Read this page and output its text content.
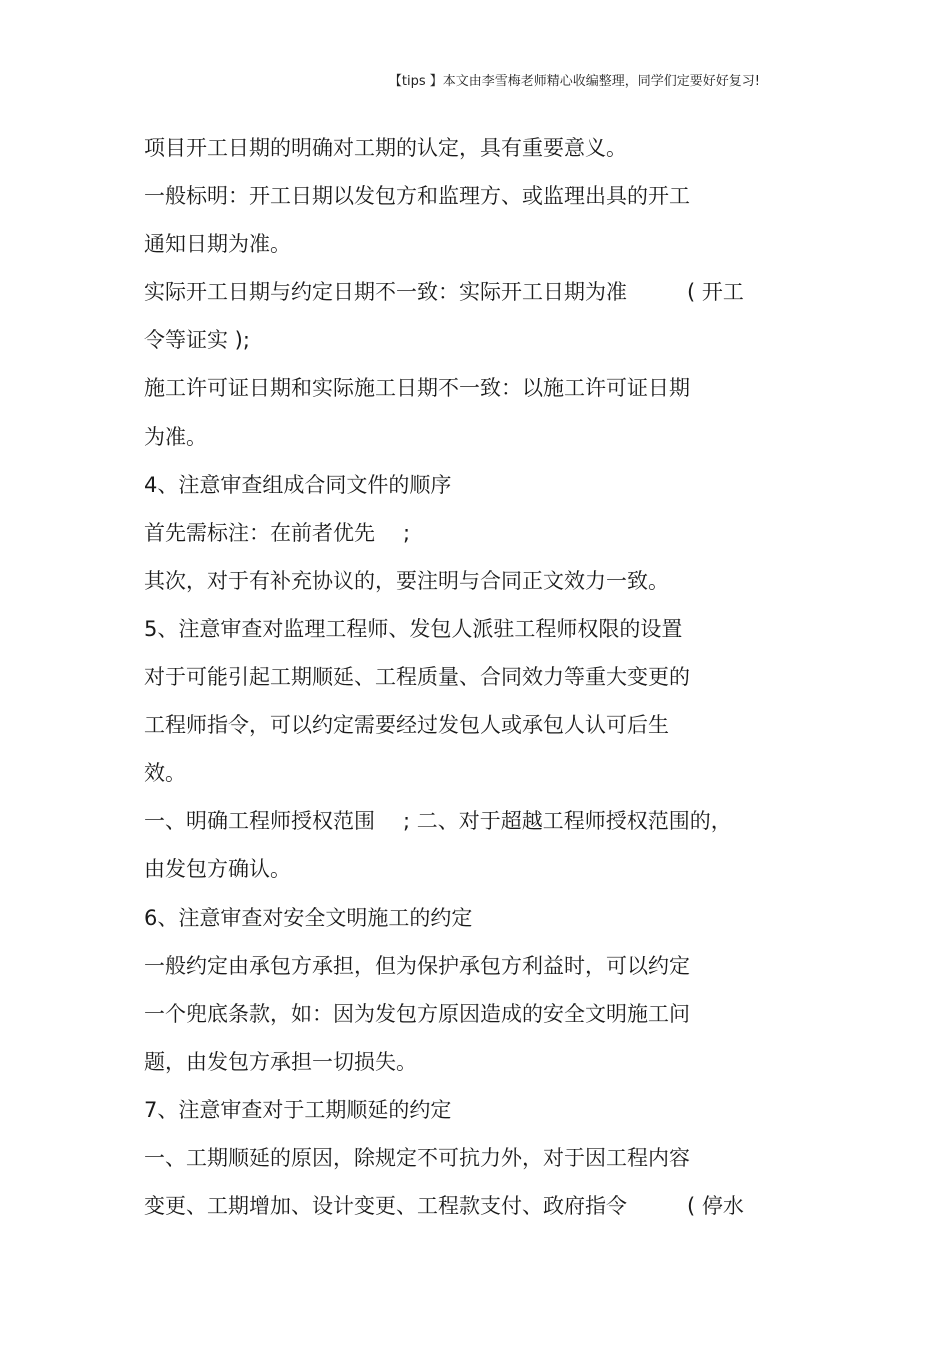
【tips 】本文由李雪梅老师精心收编整理，同学们定要好好复习!
项目开工日期的明确对工期的认定，具有重要意义。
一般标明：开工日期以发包方和监理方、或监理出具的开工
通知日期为准。
实际开工日期与约定日期不一致：实际开工日期为准	( 开工
令等证实 );
施工许可证日期和实际施工日期不一致：以施工许可证日期
为准。
4、注意审查组成合同文件的顺序
首先需标注：在前者优先 ;
其次，对于有补充协议的，要注明与合同正文效力一致。
5、注意审查对监理工程师、发包人派驻工程师权限的设置
对于可能引起工期顺延、工程质量、合同效力等重大变更的
工程师指令，可以约定需要经过发包人或承包人认可后生
效。
一、明确工程师授权范围 ; 二、对于超越工程师授权范围的，
由发包方确认。
6、注意审查对安全文明施工的约定
一般约定由承包方承担，但为保护承包方利益时，可以约定
一个兜底条款，如：因为发包方原因造成的安全文明施工问
题，由发包方承担一切损失。
7、注意审查对于工期顺延的约定
一、工期顺延的原因，除规定不可抗力外，对于因工程内容
变更、工期增加、设计变更、工程款支付、政府指令	( 停水
